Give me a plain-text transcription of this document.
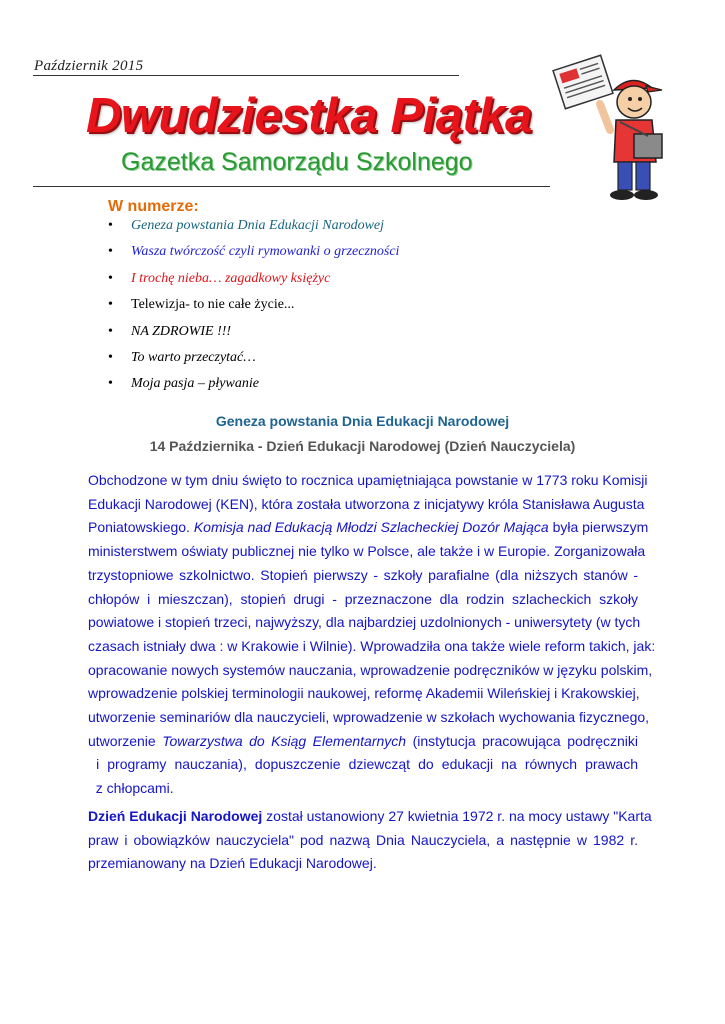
Październik 2015
Dwudziestka Piątka
Gazetka Samorządu Szkolnego
W numerze:
• Geneza powstania Dnia Edukacji Narodowej
• Wasza twórczość czyli rymowanki o grzeczności
• I trochę nieba… zagadkowy księżyc
• Telewizja- to nie całe życie...
• NA ZDROWIE !!!
• To warto przeczytać…
• Moja pasja – pływanie
Geneza powstania Dnia Edukacji Narodowej
14 Października - Dzień Edukacji Narodowej (Dzień Nauczyciela)
Obchodzone w tym dniu święto to rocznica upamiętniająca powstanie w 1773 roku Komisji
Edukacji Narodowej (KEN), która została utworzona z inicjatywy króla Stanisława Augusta
Poniatowskiego. Komisja nad Edukacją Młodzi Szlacheckiej Dozór Mająca była pierwszym
ministerstwem oświaty publicznej nie tylko w Polsce, ale także i w Europie. Zorganizowała
trzystopniowe szkolnictwo. Stopień pierwszy - szkoły parafialne (dla niższych stanów -
chłopów i mieszczan), stopień drugi - przeznaczone dla rodzin szlacheckich szkoły
powiatowe i stopień trzeci, najwyższy, dla najbardziej uzdolnionych - uniwersytety (w tych
czasach istniały dwa : w Krakowie i Wilnie). Wprowadziła ona także wiele reform takich, jak:
opracowanie nowych systemów nauczania, wprowadzenie podręczników w języku polskim,
wprowadzenie polskiej terminologii naukowej, reformę Akademii Wileńskiej i Krakowskiej,
utworzenie seminariów dla nauczycieli, wprowadzenie w szkołach wychowania fizycznego,
utworzenie Towarzystwa do Ksiąg Elementarnych (instytucja pracowująca podręczniki
i programy nauczania), dopuszczenie dziewcząt do edukacji na równych prawach
z chłopcami.
Dzień Edukacji Narodowej został ustanowiony 27 kwietnia 1972 r. na mocy ustawy "Karta
praw i obowiązków nauczyciela" pod nazwą Dnia Nauczyciela, a następnie w 1982 r.
przemianowany na Dzień Edukacji Narodowej.
